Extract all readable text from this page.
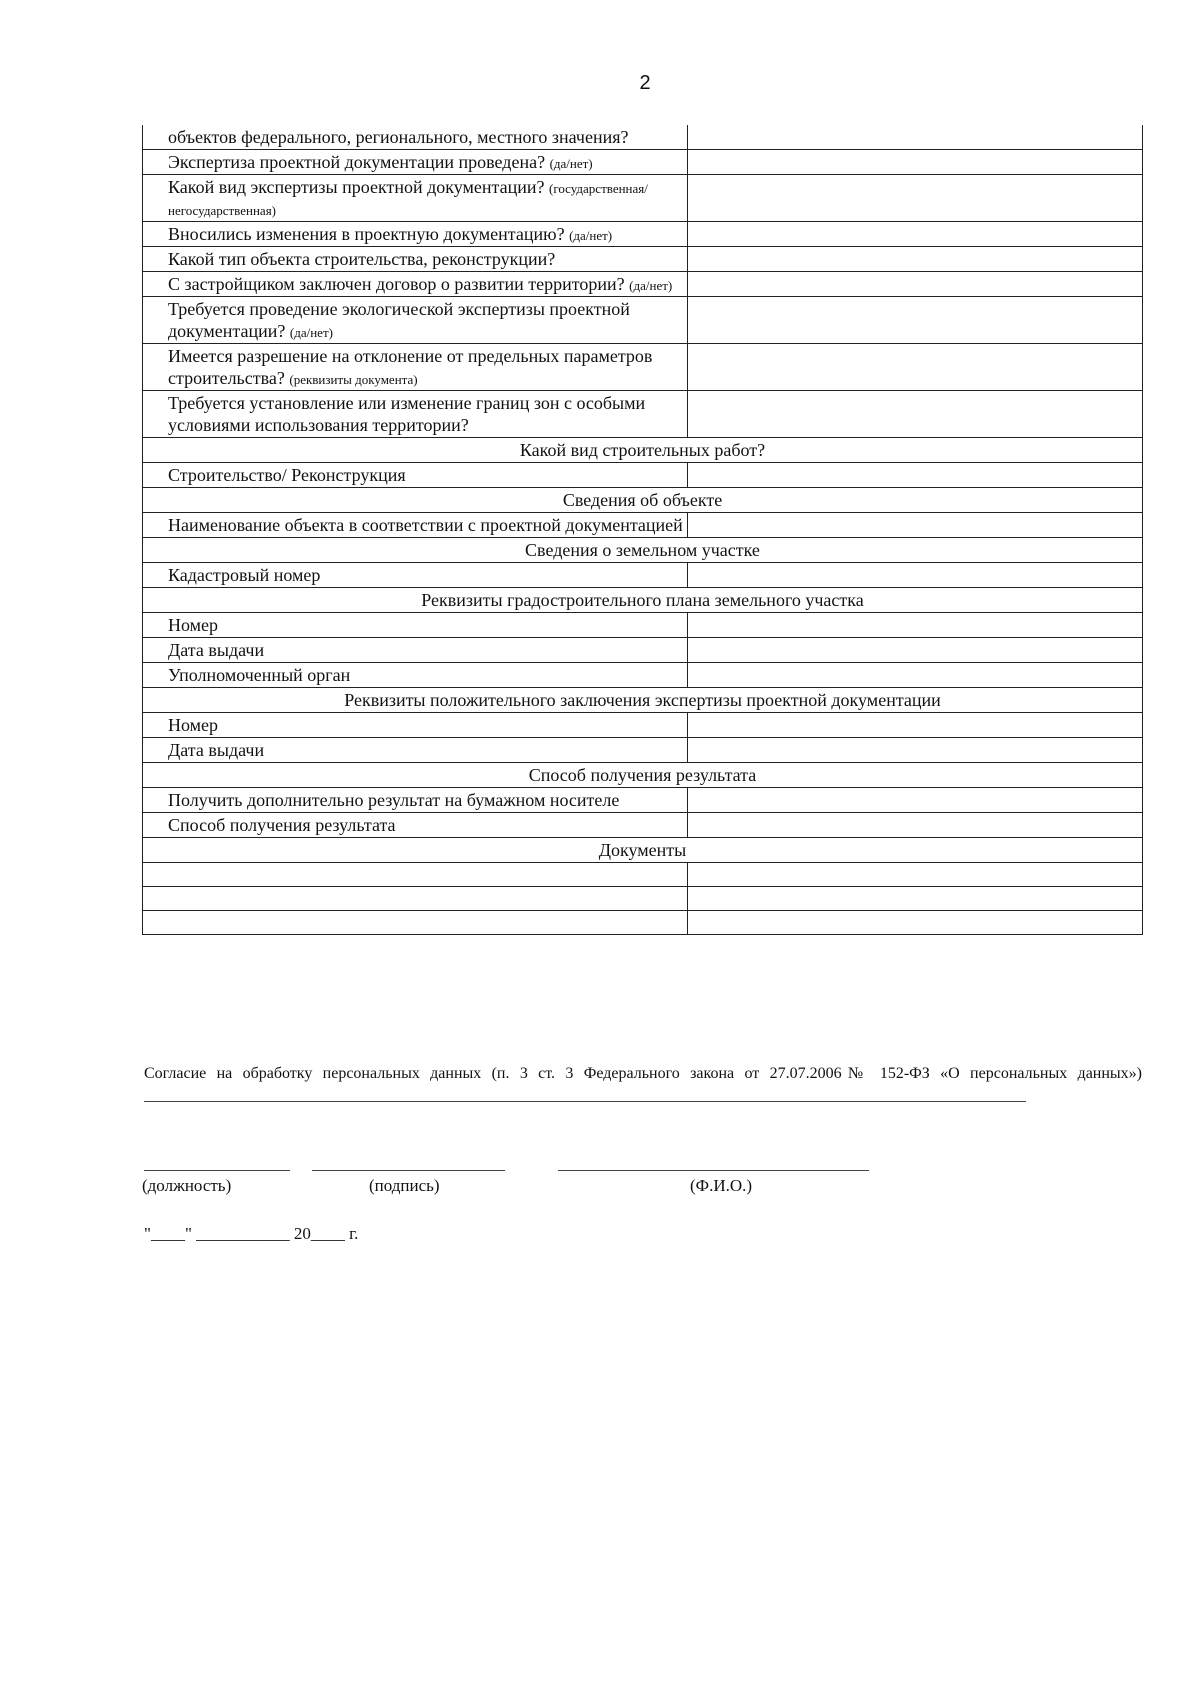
2
объектов федерального, регионального, местного значения?	
Экспертиза проектной документации проведена? (да/нет)	
Какой вид экспертизы проектной документации? (государственная/негосударственная)	
Вносились изменения в проектную документацию? (да/нет)	
Какой тип объекта строительства, реконструкции?	
С застройщиком заключен договор о развитии территории? (да/нет)	
Требуется проведение экологической экспертизы проектной документации? (да/нет)	
Имеется разрешение на отклонение от предельных параметров строительства? (реквизиты документа)	
Требуется установление или изменение границ зон с особыми условиями использования территории?	
Какой вид строительных работ?	
Строительство/ Реконструкция	
Сведения об объекте	
Наименование объекта в соответствии с проектной документацией	
Сведения о земельном участке	
Кадастровый номер	
Реквизиты градостроительного плана земельного участка	
Номер	
Дата выдачи	
Уполномоченный орган	
Реквизиты положительного заключения экспертизы проектной документации	
Номер	
Дата выдачи	
Способ получения результата	
Получить дополнительно результат на бумажном носителе	
Способ получения результата	
Документы	

Согласие на обработку персональных данных (п. 3 ст. 3 Федерального закона от 27.07.2006№ 152-ФЗ «О персональных данных»)
(должность)	(подпись)	(Ф.И.О.)
"____" ___________ 20____ г.
